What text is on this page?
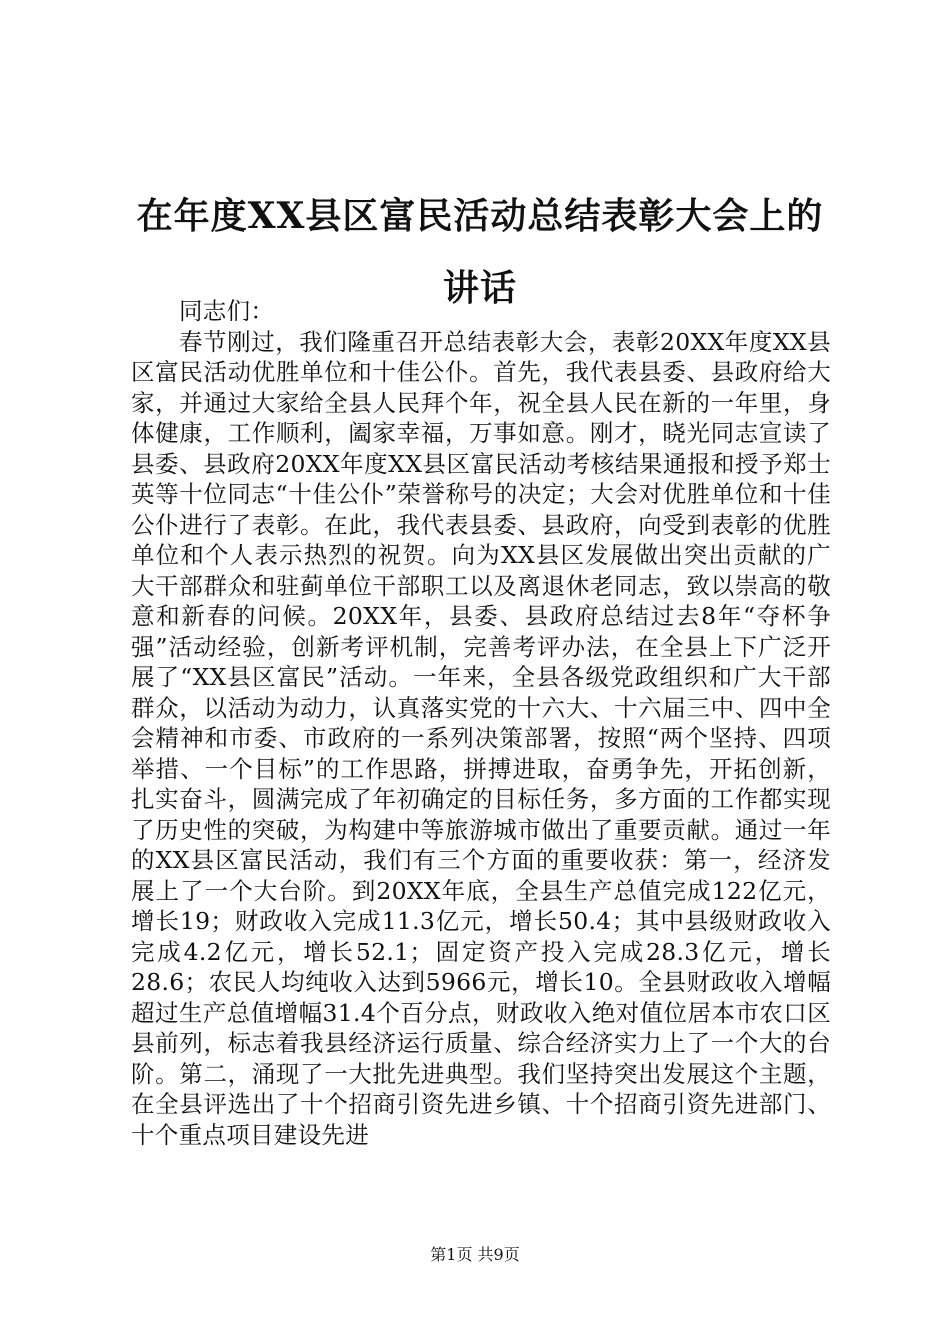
在年度XX县区富民活动总结表彰大会上的讲话

同志们：

春节刚过，我们隆重召开总结表彰大会，表彰20XX年度XX县区富民活动优胜单位和十佳公仆。首先，我代表县委、县政府给大家，并通过大家给全县人民拜个年，祝全县人民在新的一年里，身体健康，工作顺利，阖家幸福，万事如意。刚才，晓光同志宣读了县委、县政府20XX年度XX县区富民活动考核结果通报和授予郑士英等十位同志“十佳公仆”荣誉称号的决定；大会对优胜单位和十佳公仆进行了表彰。在此，我代表县委、县政府，向受到表彰的优胜单位和个人表示热烈的祝贺。向为XX县区发展做出突出贡献的广大干部群众和驻蓟单位干部职工以及离退休老同志，致以崇高的敬意和新春的问候。20XX年，县委、县政府总结过去8年“夺杯争强”活动经验，创新考评机制，完善考评办法，在全县上下广泛开展了“XX县区富民”活动。一年来，全县各级党政组织和广大干部群众，以活动为动力，认真落实党的十六大、十六届三中、四中全会精神和市委、市政府的一系列决策部署，按照“两个坚持、四项举措、一个目标”的工作思路，拼搏进取，奋勇争先，开拓创新，扎实奋斗，圆满完成了年初确定的目标任务，多方面的工作都实现了历史性的突破，为构建中等旅游城市做出了重要贡献。通过一年的XX县区富民活动，我们有三个方面的重要收获：第一，经济发展上了一个大台阶。到20XX年底，全县生产总值完成122亿元，增长19；财政收入完成11.3亿元，增长50.4；其中县级财政收入完成4.2亿元，增长52.1；固定资产投入完成28.3亿元，增长28.6；农民人均纯收入达到5966元，增长10。全县财政收入增幅超过生产总值增幅31.4个百分点，财政收入绝对值位居本市农口区县前列，标志着我县经济运行质量、综合经济实力上了一个大的台阶。第二，涌现了一大批先进典型。我们坚持突出发展这个主题，在全县评选出了十个招商引资先进乡镇、十个招商引资先进部门、十个重点项目建设先进

第1页 共9页
